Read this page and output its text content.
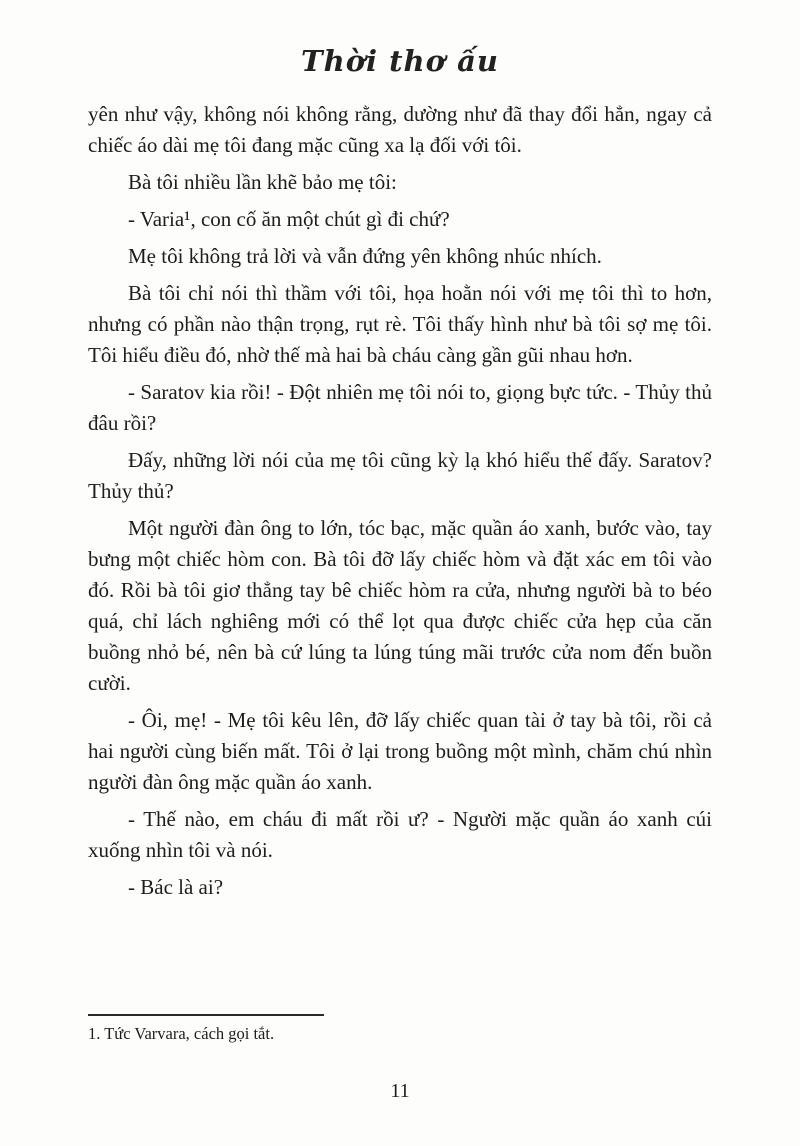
Thời thơ ấu

yên như vậy, không nói không rằng, dường như đã thay đổi hẳn, ngay cả chiếc áo dài mẹ tôi đang mặc cũng xa lạ đối với tôi.

Bà tôi nhiều lần khẽ bảo mẹ tôi:

- Varia¹, con cố ăn một chút gì đi chứ?

Mẹ tôi không trả lời và vẫn đứng yên không nhúc nhích.

Bà tôi chỉ nói thì thầm với tôi, họa hoằn nói với mẹ tôi thì to hơn, nhưng có phần nào thận trọng, rụt rè. Tôi thấy hình như bà tôi sợ mẹ tôi. Tôi hiểu điều đó, nhờ thế mà hai bà cháu càng gần gũi nhau hơn.

- Saratov kia rồi! - Đột nhiên mẹ tôi nói to, giọng bực tức. - Thủy thủ đâu rồi?

Đấy, những lời nói của mẹ tôi cũng kỳ lạ khó hiểu thế đấy. Saratov? Thủy thủ?

Một người đàn ông to lớn, tóc bạc, mặc quần áo xanh, bước vào, tay bưng một chiếc hòm con. Bà tôi đỡ lấy chiếc hòm và đặt xác em tôi vào đó. Rồi bà tôi giơ thẳng tay bê chiếc hòm ra cửa, nhưng người bà to béo quá, chỉ lách nghiêng mới có thể lọt qua được chiếc cửa hẹp của căn buồng nhỏ bé, nên bà cứ lúng ta lúng túng mãi trước cửa nom đến buồn cười.

- Ôi, mẹ! - Mẹ tôi kêu lên, đỡ lấy chiếc quan tài ở tay bà tôi, rồi cả hai người cùng biến mất. Tôi ở lại trong buồng một mình, chăm chú nhìn người đàn ông mặc quần áo xanh.

- Thế nào, em cháu đi mất rồi ư? - Người mặc quần áo xanh cúi xuống nhìn tôi và nói.

- Bác là ai?

1. Tức Varvara, cách gọi tắt.

11
